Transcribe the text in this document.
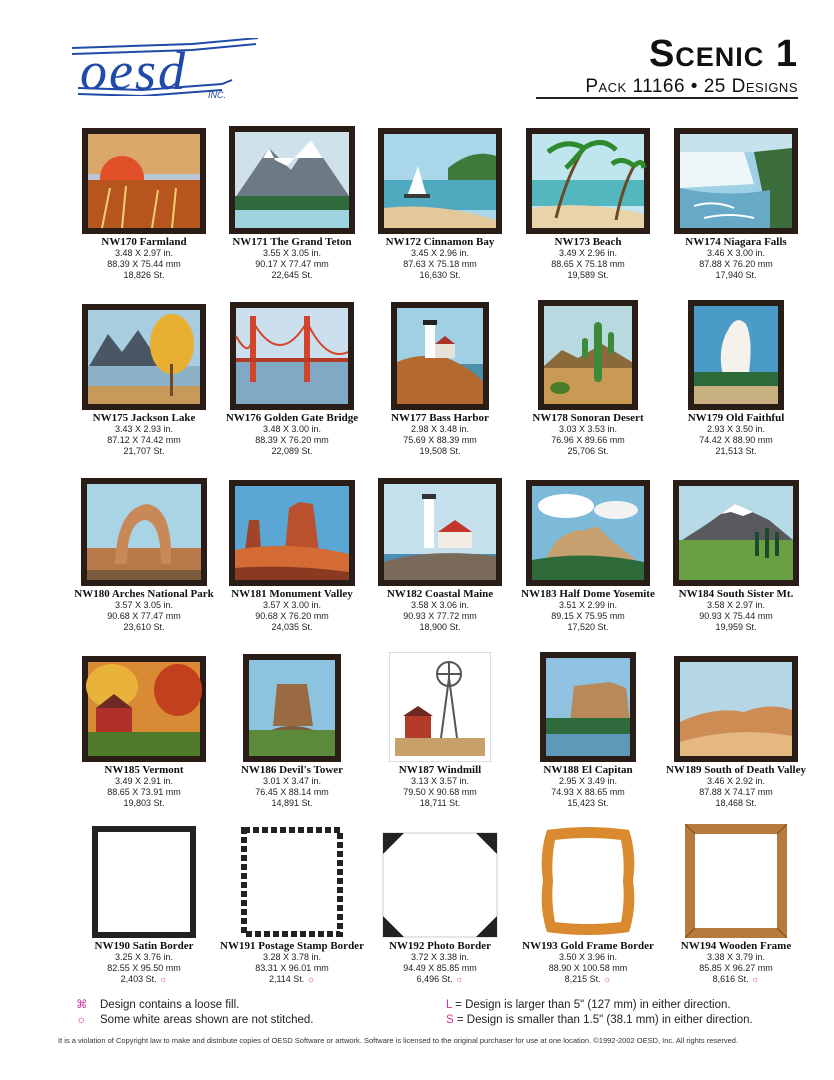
oesd INC.
Scenic 1
Pack 11166 • 25 Designs
NW170 Farmland
3.48 X 2.97 in.
88.39 X 75.44 mm
18,826 St.
NW171 The Grand Teton
3.55 X 3.05 in.
90.17 X 77.47 mm
22,645 St.
NW172 Cinnamon Bay
3.45 X 2.96 in.
87.63 X 75.18 mm
16,630 St.
NW173 Beach
3.49 X 2.96 in.
88.65 X 75.18 mm
19,589 St.
NW174 Niagara Falls
3.46 X 3.00 in.
87.88 X 76.20 mm
17,940 St.
NW175 Jackson Lake
3.43 X 2.93 in.
87.12 X 74.42 mm
21,707 St.
NW176 Golden Gate Bridge
3.48 X 3.00 in.
88.39 X 76.20 mm
22,089 St.
NW177 Bass Harbor
2.98 X 3.48 in.
75.69 X 88.39 mm
19,508 St.
NW178 Sonoran Desert
3.03 X 3.53 in.
76.96 X 89.66 mm
25,706 St.
NW179 Old Faithful
2.93 X 3.50 in.
74.42 X 88.90 mm
21,513 St.
NW180 Arches National Park
3.57 X 3.05 in.
90.68 X 77.47 mm
23,610 St.
NW181 Monument Valley
3.57 X 3.00 in.
90.68 X 76.20 mm
24,035 St.
NW182 Coastal Maine
3.58 X 3.06 in.
90.93 X 77.72 mm
18,900 St.
NW183 Half Dome Yosemite
3.51 X 2.99 in.
89.15 X 75.95 mm
17,520 St.
NW184 South Sister Mt.
3.58 X 2.97 in.
90.93 X 75.44 mm
19,959 St.
NW185 Vermont
3.49 X 2.91 in.
88.65 X 73.91 mm
19,803 St.
NW186 Devil's Tower
3.01 X 3.47 in.
76.45 X 88.14 mm
14,891 St.
NW187 Windmill
3.13 X 3.57 in.
79.50 X 90.68 mm
18,711 St.
NW188 El Capitan
2.95 X 3.49 in.
74.93 X 88.65 mm
15,423 St.
NW189 South of Death Valley
3.46 X 2.92 in.
87.88 X 74.17 mm
18,468 St.
NW190 Satin Border
3.25 X 3.76 in.
82.55 X 95.50 mm
2,403 St. ☼
NW191 Postage Stamp Border
3.28 X 3.78 in.
83.31 X 96.01 mm
2,114 St. ☼
NW192 Photo Border
3.72 X 3.38 in.
94.49 X 85.85 mm
6,496 St. ☼
NW193 Gold Frame Border
3.50 X 3.96 in.
88.90 X 100.58 mm
8,215 St. ☼
NW194 Wooden Frame
3.38 X 3.79 in.
85.85 X 96.27 mm
8,616 St. ☼
⌘ Design contains a loose fill.
☼ Some white areas shown are not stitched.
L = Design is larger than 5" (127 mm) in either direction.
S = Design is smaller than 1.5" (38.1 mm) in either direction.
It is a violation of Copyright law to make and distribute copies of OESD Software or artwork. Software is licensed to the original purchaser for use at one location. ©1992-2002 OESD, Inc. All rights reserved.
